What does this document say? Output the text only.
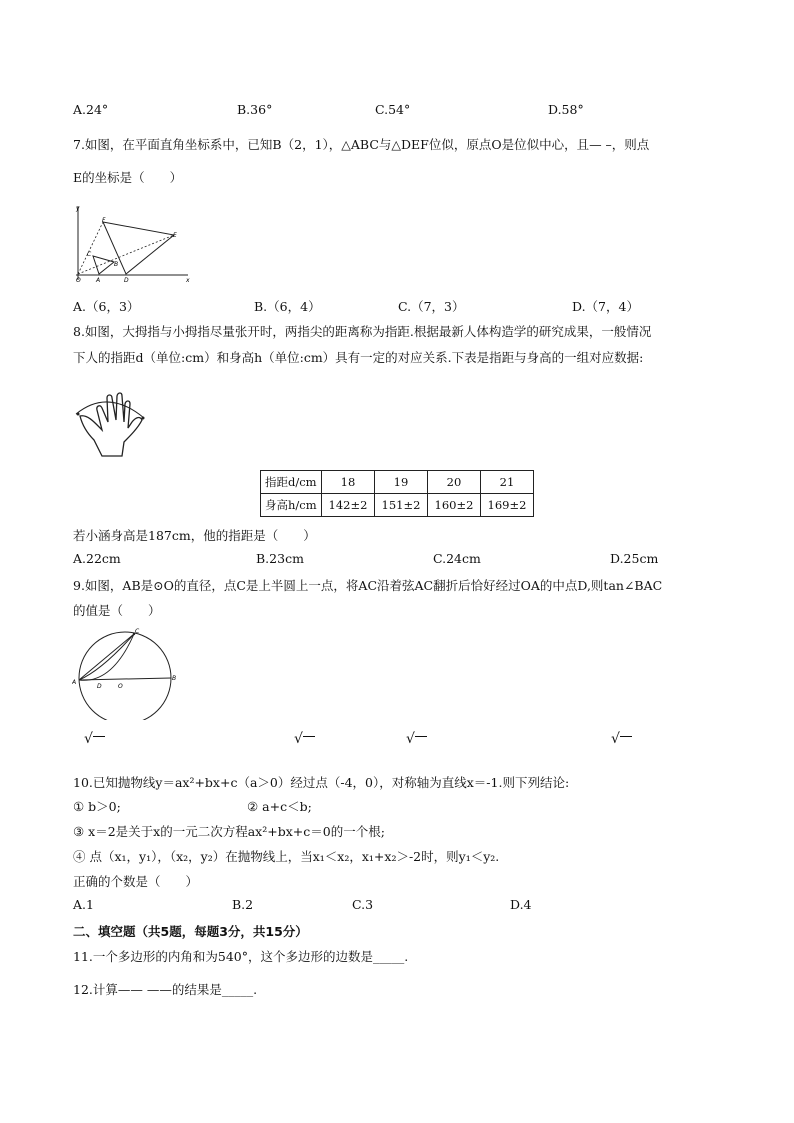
A.24°	B.36°	C.54°	D.58°
7.如图，在平面直角坐标系中，已知B（2，1），△ABC与△DEF位似，原点O是位似中心，且— –，则点
E的坐标是（　　）
y
x
O
F
E
C
B
A	D
A.（6，3）	B.（6，4）	C.（7，3）	D.（7，4）
8.如图，大拇指与小拇指尽量张开时，两指尖的距离称为指距.根据最新人体构造学的研究成果，一般情况
下人的指距d（单位:cm）和身高h（单位:cm）具有一定的对应关系.下表是指距与身高的一组对应数据:
指距d/cm	18	19	20	21
身高h/cm	142±2	151±2	160±2	169±2
若小涵身高是187cm，他的指距是（　　）
A.22cm	B.23cm	C.24cm	D.25cm
9.如图，AB是⊙O的直径，点C是上半圆上一点，将AC沿着弦AC翻折后恰好经过OA的中点D,则tan∠BAC
的值是（　　）
A
B
C
D	O
√	√	√	√
10.已知抛物线y＝ax²+bx+c（a＞0）经过点（-4，0），对称轴为直线x＝-1.则下列结论:
① b＞0;	② a+c＜b;
③ x＝2是关于x的一元二次方程ax²+bx+c＝0的一个根;
④ 点（x₁，y₁），（x₂，y₂）在抛物线上，当x₁＜x₂，x₁+x₂＞-2时，则y₁＜y₂.
正确的个数是（　　）
A.1	B.2	C.3	D.4
二、填空题（共5题，每题3分，共15分）
11.一个多边形的内角和为540°，这个多边形的边数是_____.
12.计算—— ——的结果是_____.
